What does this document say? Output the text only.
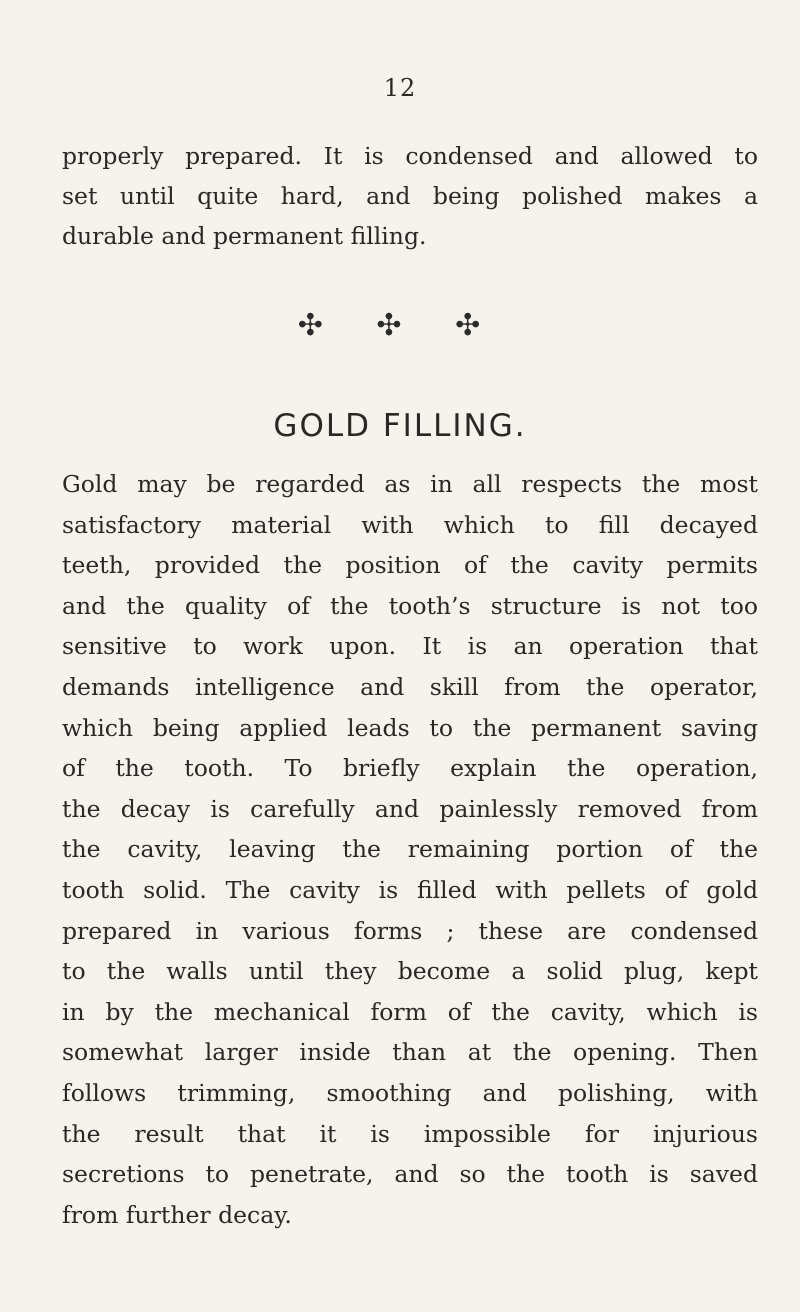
12
properly prepared. It is condensed and allowed to
set until quite hard, and being polished makes a
durable and permanent filling.
✣ ✣ ✣
GOLD FILLING.
Gold may be regarded as in all respects the most
satisfactory material with which to fill decayed
teeth, provided the position of the cavity permits
and the quality of the tooth’s structure is not too
sensitive to work upon. It is an operation that
demands intelligence and skill from the operator,
which being applied leads to the permanent saving
of the tooth. To briefly explain the operation,
the decay is carefully and painlessly removed from
the cavity, leaving the remaining portion of the
tooth solid. The cavity is filled with pellets of gold
prepared in various forms ; these are condensed
to the walls until they become a solid plug, kept
in by the mechanical form of the cavity, which is
somewhat larger inside than at the opening. Then
follows trimming, smoothing and polishing, with
the result that it is impossible for injurious
secretions to penetrate, and so the tooth is saved
from further decay.
